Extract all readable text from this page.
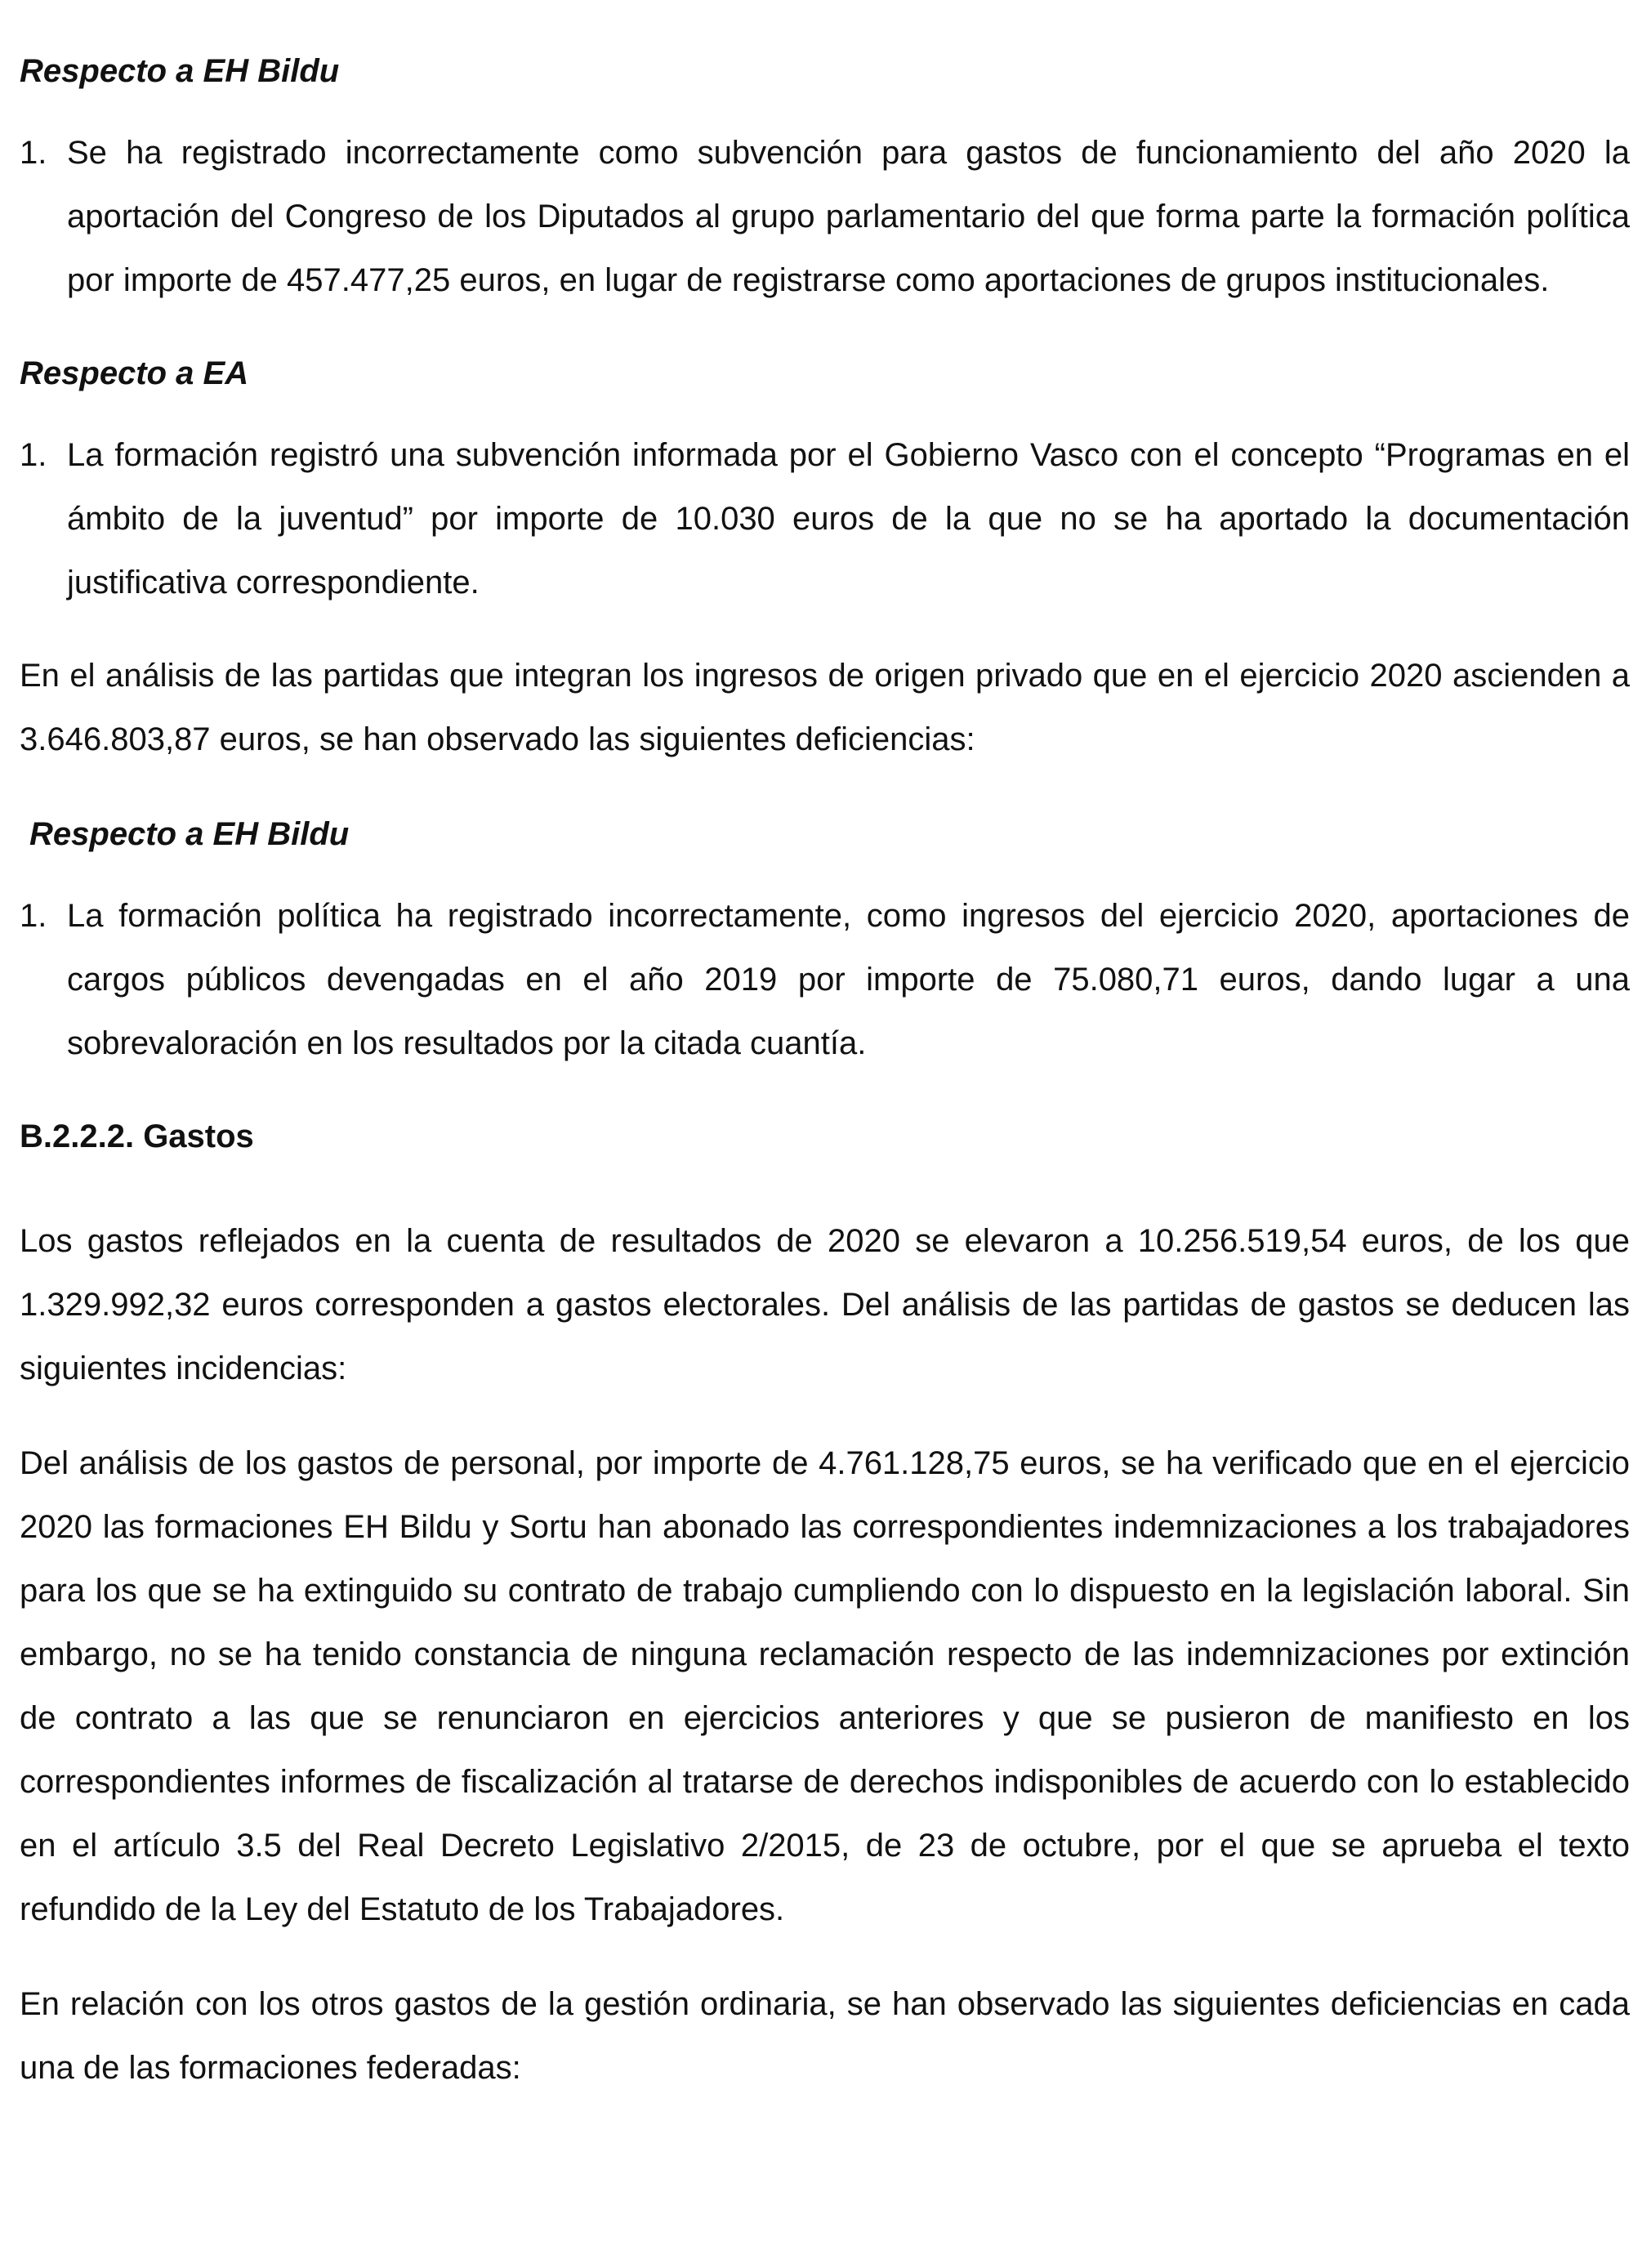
Respecto a EH Bildu
1. Se ha registrado incorrectamente como subvención para gastos de funcionamiento del año 2020 la aportación del Congreso de los Diputados al grupo parlamentario del que forma parte la formación política por importe de 457.477,25 euros, en lugar de registrarse como aportaciones de grupos institucionales.
Respecto a EA
1. La formación registró una subvención informada por el Gobierno Vasco con el concepto “Programas en el ámbito de la juventud” por importe de 10.030 euros de la que no se ha aportado la documentación justificativa correspondiente.

En el análisis de las partidas que integran los ingresos de origen privado que en el ejercicio 2020 ascienden a 3.646.803,87 euros, se han observado las siguientes deficiencias:

Respecto a EH Bildu
1. La formación política ha registrado incorrectamente, como ingresos del ejercicio 2020, aportaciones de cargos públicos devengadas en el año 2019 por importe de 75.080,71 euros, dando lugar a una sobrevaloración en los resultados por la citada cuantía.
B.2.2.2. Gastos

Los gastos reflejados en la cuenta de resultados de 2020 se elevaron a 10.256.519,54 euros, de los que 1.329.992,32 euros corresponden a gastos electorales. Del análisis de las partidas de gastos se deducen las siguientes incidencias:

Del análisis de los gastos de personal, por importe de 4.761.128,75 euros, se ha verificado que en el ejercicio 2020 las formaciones EH Bildu y Sortu han abonado las correspondientes indemnizaciones a los trabajadores para los que se ha extinguido su contrato de trabajo cumpliendo con lo dispuesto en la legislación laboral. Sin embargo, no se ha tenido constancia de ninguna reclamación respecto de las indemnizaciones por extinción de contrato a las que se renunciaron en ejercicios anteriores y que se pusieron de manifiesto en los correspondientes informes de fiscalización al tratarse de derechos indisponibles de acuerdo con lo establecido en el artículo 3.5 del Real Decreto Legislativo 2/2015, de 23 de octubre, por el que se aprueba el texto refundido de la Ley del Estatuto de los Trabajadores.

En relación con los otros gastos de la gestión ordinaria, se han observado las siguientes deficiencias en cada una de las formaciones federadas:
